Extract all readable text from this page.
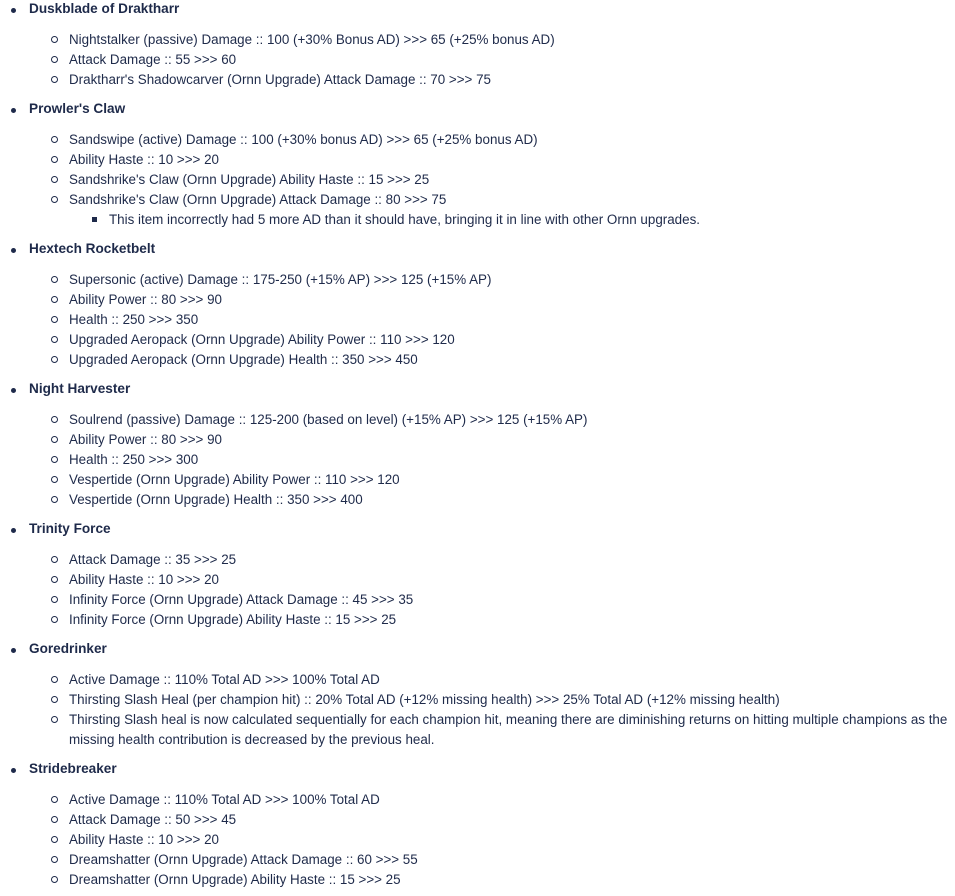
Duskblade of Draktharr
Nightstalker (passive) Damage :: 100 (+30% Bonus AD) >>> 65 (+25% bonus AD)
Attack Damage :: 55 >>> 60
Draktharr's Shadowcarver (Ornn Upgrade) Attack Damage :: 70 >>> 75
Prowler's Claw
Sandswipe (active) Damage :: 100 (+30% bonus AD) >>> 65 (+25% bonus AD)
Ability Haste :: 10 >>> 20
Sandshrike's Claw (Ornn Upgrade) Ability Haste :: 15 >>> 25
Sandshrike's Claw (Ornn Upgrade) Attack Damage :: 80 >>> 75
This item incorrectly had 5 more AD than it should have, bringing it in line with other Ornn upgrades.
Hextech Rocketbelt
Supersonic (active) Damage :: 175-250 (+15% AP) >>> 125 (+15% AP)
Ability Power :: 80 >>> 90
Health :: 250 >>> 350
Upgraded Aeropack (Ornn Upgrade) Ability Power :: 110 >>> 120
Upgraded Aeropack (Ornn Upgrade) Health :: 350 >>> 450
Night Harvester
Soulrend (passive) Damage :: 125-200 (based on level) (+15% AP) >>> 125 (+15% AP)
Ability Power :: 80 >>> 90
Health :: 250 >>> 300
Vespertide (Ornn Upgrade) Ability Power :: 110 >>> 120
Vespertide (Ornn Upgrade) Health :: 350 >>> 400
Trinity Force
Attack Damage :: 35 >>> 25
Ability Haste :: 10 >>> 20
Infinity Force (Ornn Upgrade) Attack Damage :: 45 >>> 35
Infinity Force (Ornn Upgrade) Ability Haste :: 15 >>> 25
Goredrinker
Active Damage :: 110% Total AD >>> 100% Total AD
Thirsting Slash Heal (per champion hit) :: 20% Total AD (+12% missing health) >>> 25% Total AD (+12% missing health)
Thirsting Slash heal is now calculated sequentially for each champion hit, meaning there are diminishing returns on hitting multiple champions as the missing health contribution is decreased by the previous heal.
Stridebreaker
Active Damage :: 110% Total AD >>> 100% Total AD
Attack Damage :: 50 >>> 45
Ability Haste :: 10 >>> 20
Dreamshatter (Ornn Upgrade) Attack Damage :: 60 >>> 55
Dreamshatter (Ornn Upgrade) Ability Haste :: 15 >>> 25
